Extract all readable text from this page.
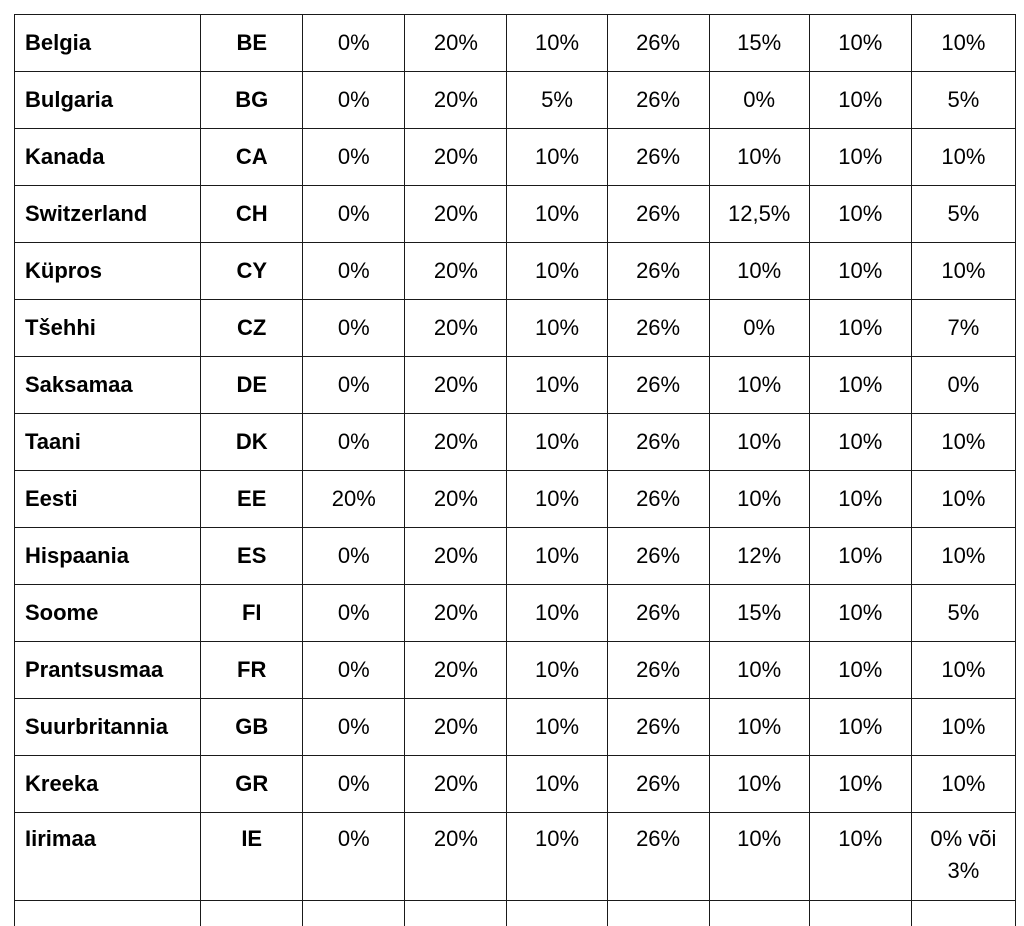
Belgia	BE	0%	20%	10%	26%	15%	10%	10%
Bulgaria	BG	0%	20%	5%	26%	0%	10%	5%
Kanada	CA	0%	20%	10%	26%	10%	10%	10%
Switzerland	CH	0%	20%	10%	26%	12,5%	10%	5%
Küpros	CY	0%	20%	10%	26%	10%	10%	10%
Tšehhi	CZ	0%	20%	10%	26%	0%	10%	7%
Saksamaa	DE	0%	20%	10%	26%	10%	10%	0%
Taani	DK	0%	20%	10%	26%	10%	10%	10%
Eesti	EE	20%	20%	10%	26%	10%	10%	10%
Hispaania	ES	0%	20%	10%	26%	12%	10%	10%
Soome	FI	0%	20%	10%	26%	15%	10%	5%
Prantsusmaa	FR	0%	20%	10%	26%	10%	10%	10%
Suurbritannia	GB	0%	20%	10%	26%	10%	10%	10%
Kreeka	GR	0%	20%	10%	26%	10%	10%	10%
Iirimaa	IE	0%	20%	10%	26%	10%	10%	0% või 3%
